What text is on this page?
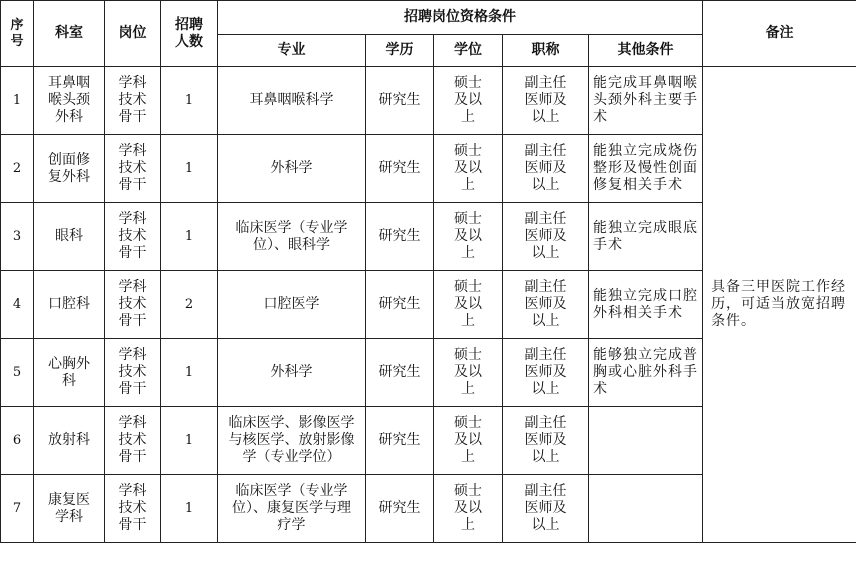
序号	科室	岗位	招聘人数	招聘岗位资格条件					备注
				专业	学历	学位	职称	其他条件	
1	耳鼻咽喉头颈外科	学科技术骨干	1	耳鼻咽喉科学	研究生	硕士及以上	副主任医师及以上	能完成耳鼻咽喉头颈外科主要手术	具备三甲医院工作经历，可适当放宽招聘条件。
2	创面修复外科	学科技术骨干	1	外科学	研究生	硕士及以上	副主任医师及以上	能独立完成烧伤整形及慢性创面修复相关手术	
3	眼科	学科技术骨干	1	临床医学（专业学位）、眼科学	研究生	硕士及以上	副主任医师及以上	能独立完成眼底手术	
4	口腔科	学科技术骨干	2	口腔医学	研究生	硕士及以上	副主任医师及以上	能独立完成口腔外科相关手术	
5	心胸外科	学科技术骨干	1	外科学	研究生	硕士及以上	副主任医师及以上	能够独立完成普胸或心脏外科手术	
6	放射科	学科技术骨干	1	临床医学、影像医学与核医学、放射影像学（专业学位）	研究生	硕士及以上	副主任医师及以上		
7	康复医学科	学科技术骨干	1	临床医学（专业学位）、康复医学与理疗学	研究生	硕士及以上	副主任医师及以上		
